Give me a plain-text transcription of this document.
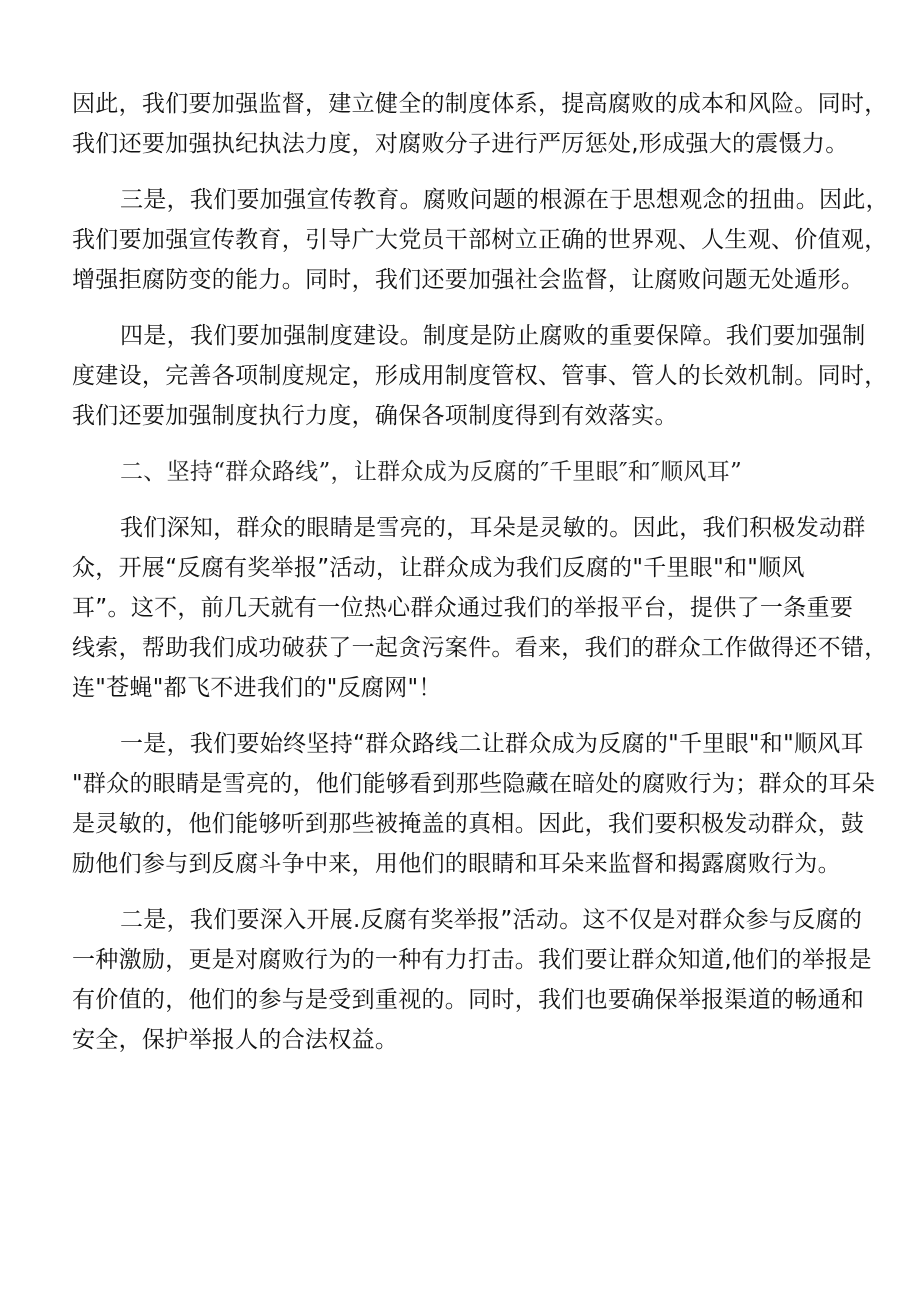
因此，我们要加强监督，建立健全的制度体系，提高腐败的成本和风险。同时，
我们还要加强执纪执法力度，对腐败分子进行严厉惩处,形成强大的震慑力。

三是，我们要加强宣传教育。腐败问题的根源在于思想观念的扭曲。因此，
我们要加强宣传教育，引导广大党员干部树立正确的世界观、人生观、价值观，
增强拒腐防变的能力。同时，我们还要加强社会监督，让腐败问题无处遁形。

四是，我们要加强制度建设。制度是防止腐败的重要保障。我们要加强制
度建设，完善各项制度规定，形成用制度管权、管事、管人的长效机制。同时，
我们还要加强制度执行力度，确保各项制度得到有效落实。

二、坚持“群众路线”，让群众成为反腐的″千里眼″和″顺风耳”

我们深知，群众的眼睛是雪亮的，耳朵是灵敏的。因此，我们积极发动群
众，开展“反腐有奖举报”活动，让群众成为我们反腐的"千里眼"和"顺风
耳”。这不，前几天就有一位热心群众通过我们的举报平台，提供了一条重要
线索，帮助我们成功破获了一起贪污案件。看来，我们的群众工作做得还不错，
连"苍蝇"都飞不进我们的"反腐网"！

一是，我们要始终坚持“群众路线二让群众成为反腐的"千里眼"和"顺风耳
"群众的眼睛是雪亮的，他们能够看到那些隐藏在暗处的腐败行为；群众的耳朵
是灵敏的，他们能够听到那些被掩盖的真相。因此，我们要积极发动群众，鼓
励他们参与到反腐斗争中来，用他们的眼睛和耳朵来监督和揭露腐败行为。

二是，我们要深入开展.反腐有奖举报”活动。这不仅是对群众参与反腐的
一种激励，更是对腐败行为的一种有力打击。我们要让群众知道,他们的举报是
有价值的，他们的参与是受到重视的。同时，我们也要确保举报渠道的畅通和
安全，保护举报人的合法权益。
